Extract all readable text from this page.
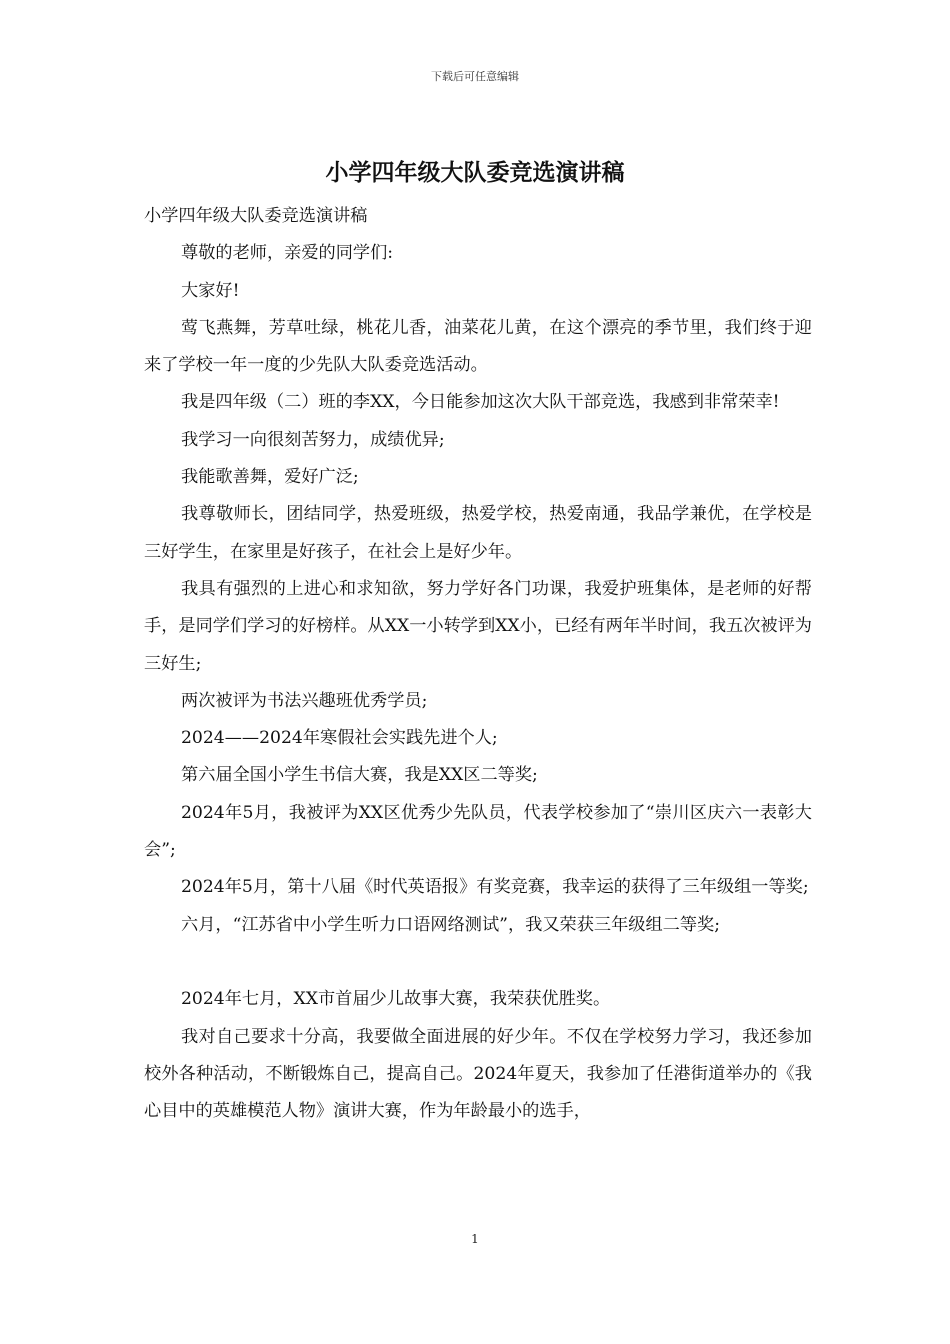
下载后可任意编辑
小学四年级大队委竞选演讲稿

小学四年级大队委竞选演讲稿

尊敬的老师，亲爱的同学们:

大家好!

莺飞燕舞，芳草吐绿，桃花儿香，油菜花儿黄，在这个漂亮的季节里，我们终于迎来了学校一年一度的少先队大队委竞选活动。

我是四年级（二）班的李XX，今日能参加这次大队干部竞选，我感到非常荣幸!

我学习一向很刻苦努力，成绩优异;

我能歌善舞，爱好广泛;

我尊敬师长，团结同学，热爱班级，热爱学校，热爱南通，我品学兼优，在学校是三好学生，在家里是好孩子，在社会上是好少年。

我具有强烈的上进心和求知欲，努力学好各门功课，我爱护班集体，是老师的好帮手，是同学们学习的好榜样。从XX一小转学到XX小，已经有两年半时间，我五次被评为三好生;

两次被评为书法兴趣班优秀学员;

2024——2024年寒假社会实践先进个人;

第六届全国小学生书信大赛，我是XX区二等奖;

2024年5月，我被评为XX区优秀少先队员，代表学校参加了“崇川区庆六一表彰大会”;

2024年5月，第十八届《时代英语报》有奖竞赛，我幸运的获得了三年级组一等奖;

六月，“江苏省中小学生听力口语网络测试”，我又荣获三年级组二等奖;

2024年七月，XX市首届少儿故事大赛，我荣获优胜奖。

我对自己要求十分高，我要做全面进展的好少年。不仅在学校努力学习，我还参加校外各种活动，不断锻炼自己，提高自己。2024年夏天，我参加了任港街道举办的《我心目中的英雄模范人物》演讲大赛，作为年龄最小的选手，

1
